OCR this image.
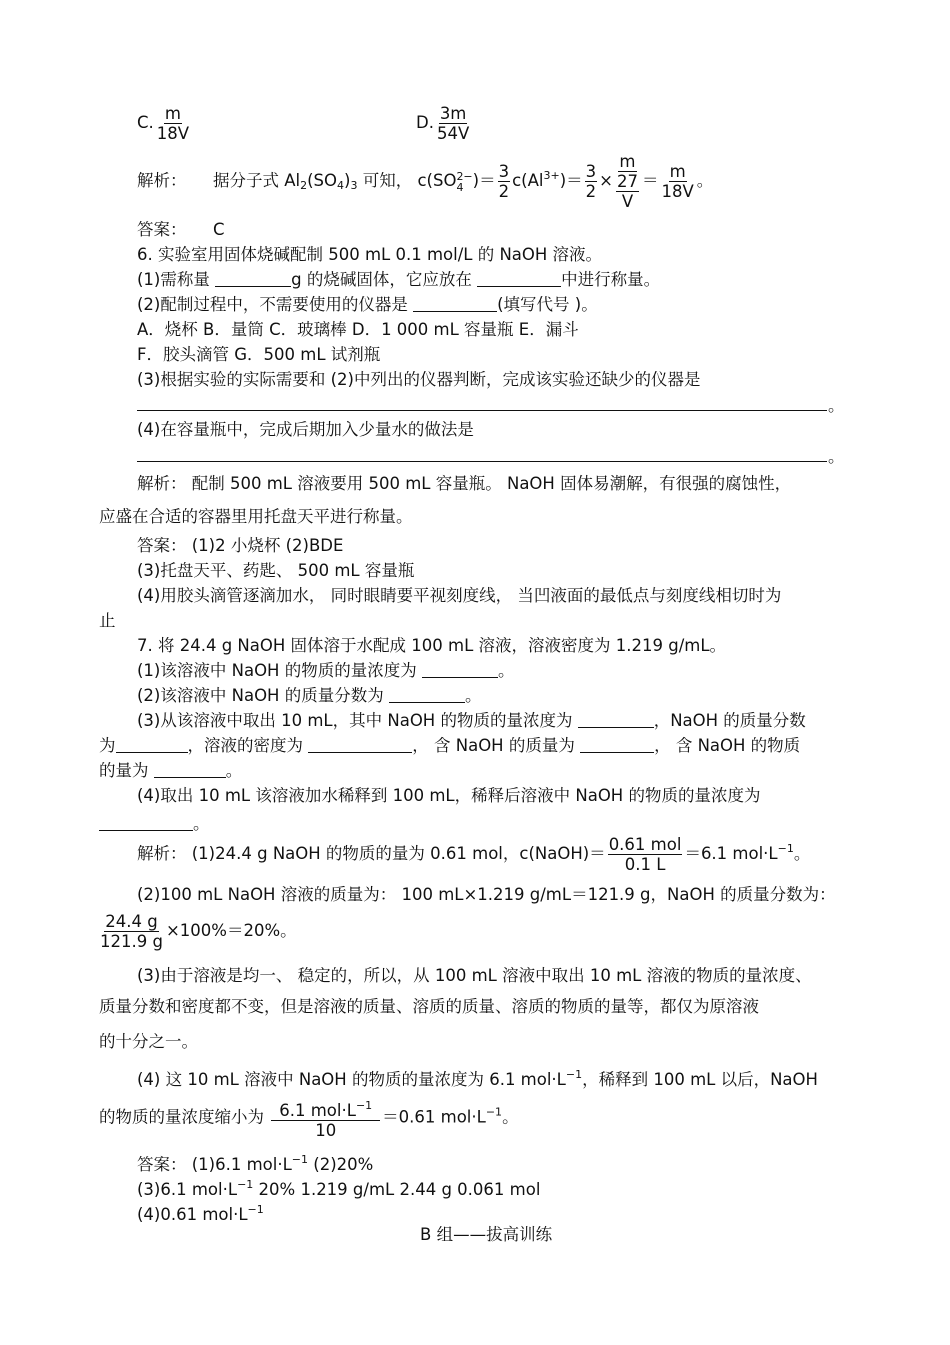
C. $\frac{m}{18V}$	D. $\frac{3m}{54V}$
解析： 据分子式 $Al_2(SO_4)_3$ 可知， c(SO 2−
4 )＝ $\frac{3}{2} c(Al^{3+})= \frac{3}{2} \times m$
27
$V = \frac{m}{18V}$ 。
答案： C
6. 实验室用固体烧碱配制 500 mL 0.1 mol/L 的 NaOH 溶液。
(1)需称量	g 的烧碱固体，它应放在	中进行称量。
(2)配制过程中，不需要使用的仪器是	(填写代号 )。
A．烧杯 B．量筒 C．玻璃棒 D．1 000 mL 容量瓶 E．漏斗
F．胶头滴管 G．500 mL 试剂瓶
(3)根据实验的实际需要和 (2)中列出的仪器判断，完成该实验还缺少的仪器是
。
(4)在容量瓶中，完成后期加入少量水的做法是
。
解析： 配制 500 mL 溶液要用 500 mL 容量瓶。 NaOH 固体易潮解，有很强的腐蚀性，
应盛在合适的容器里用托盘天平进行称量。
答案： (1)2 小烧杯 (2)BDE
(3)托盘天平、药匙、 500 mL 容量瓶
(4)用胶头滴管逐滴加水， 同时眼睛要平视刻度线， 当凹液面的最低点与刻度线相切时为
止
7. 将 24.4 g NaOH 固体溶于水配成 100 mL 溶液，溶液密度为 1.219 g/mL。
(1)该溶液中 NaOH 的物质的量浓度为	。
(2)该溶液中 NaOH 的质量分数为	。
(3)从该溶液中取出 10 mL，其中 NaOH 的物质的量浓度为	，NaOH 的质量分数
为	，溶液的密度为	， 含 NaOH 的质量为	， 含 NaOH 的物质
的量为	。
(4)取出 10 mL 该溶液加水稀释到 100 mL，稀释后溶液中 NaOH 的物质的量浓度为
。
解析： (1)24.4 g NaOH 的物质的量为 0.61 mol，c(NaOH)＝ $\frac{\text{0.61 mol}}{0.1 L} =6.1$ $mol\cdot L^{-1}$。
(2)100 mL NaOH 溶液的质量为： 100 mL×1.219 g/mL＝121.9 g，NaOH 的质量分数为：
$\frac{24.4 g}{121.9 g} \times 100\%=20\%$。
(3)由于溶液是均一、 稳定的，所以，从 100 mL 溶液中取出 10 mL 溶液的物质的量浓度、
质量分数和密度都不变，但是溶液的质量、溶质的质量、溶质的物质的量等，都仅为原溶液
的十分之一。
(4) 这 10 mL 溶液中 NaOH 的物质的量浓度为 6.1 $mol\cdot L^{-1}$，稀释到 100 mL 以后，NaOH
的物质的量浓度缩小为 $\frac{6.1 mol\cdot L^{-1}}{10} =0.61$ $mol\cdot L^{-1}$。
答案： (1)6.1 $mol\cdot L^{-1}$ (2)20%
(3)6.1 $mol\cdot L^{-1}$ 20% 1.219 g/mL 2.44 g 0.061 mol
(4)0.61 $mol\cdot L^{-1}$
B 组——拔高训练
